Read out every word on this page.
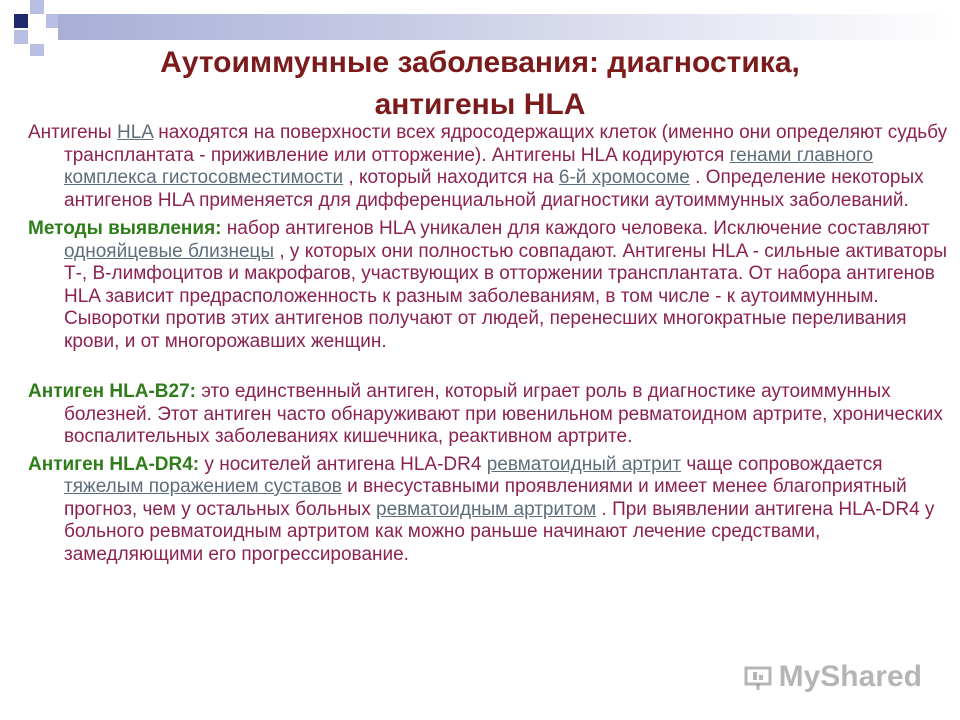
Аутоиммунные заболевания: диагностика,
антигены HLA

Антигены HLA находятся на поверхности всех ядросодержащих клеток (именно они определяют судьбу трансплантата - приживление или отторжение). Антигены HLA кодируются генами главного комплекса гистосовместимости , который находится на 6-й хромосоме . Определение некоторых антигенов HLA применяется для дифференциальной диагностики аутоиммунных заболеваний.

Методы выявления: набор антигенов HLA уникален для каждого человека. Исключение составляют однояйцевые близнецы , у которых они полностью совпадают. Антигены HLA - сильные активаторы Т-, В-лимфоцитов и макрофагов, участвующих в отторжении трансплантата. От набора антигенов HLA зависит предрасположенность к разным заболеваниям, в том числе - к аутоиммунным. Сыворотки против этих антигенов получают от людей, перенесших многократные переливания крови, и от многорожавших женщин.

Антиген HLA-B27: это единственный антиген, который играет роль в диагностике аутоиммунных болезней. Этот антиген часто обнаруживают при ювенильном ревматоидном артрите, хронических воспалительных заболеваниях кишечника, реактивном артрите.

Антиген HLA-DR4: у носителей антигена HLA-DR4 ревматоидный артрит чаще сопровождается тяжелым поражением суставов и внесуставными проявлениями и имеет менее благоприятный прогноз, чем у остальных больных ревматоидным артритом . При выявлении антигена HLA-DR4 у больного ревматоидным артритом как можно раньше начинают лечение средствами, замедляющими его прогрессирование.

MyShared
